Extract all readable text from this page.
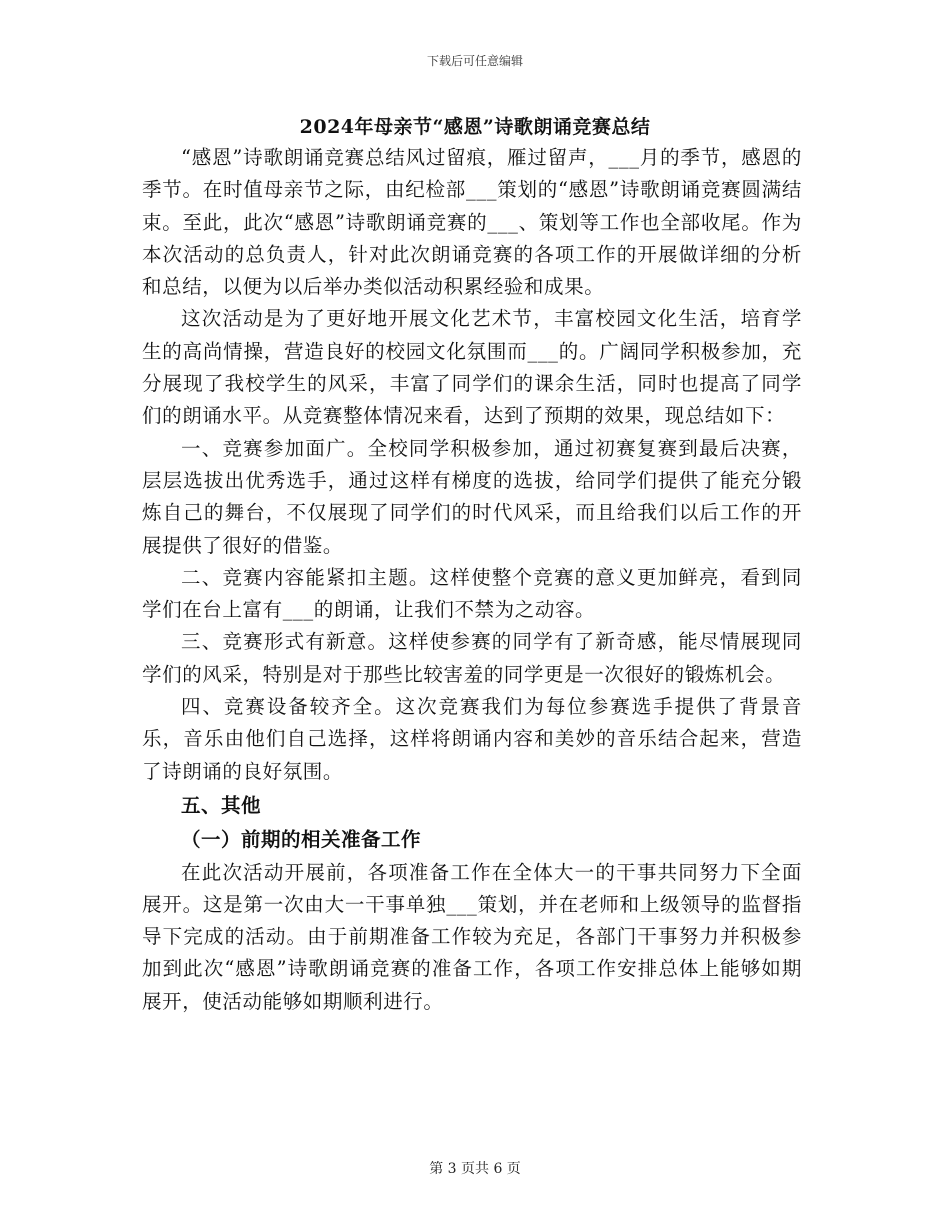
下载后可任意编辑
2024年母亲节“感恩”诗歌朗诵竞赛总结

“感恩”诗歌朗诵竞赛总结风过留痕，雁过留声，___月的季节，感恩的季节。在时值母亲节之际，由纪检部___策划的“感恩”诗歌朗诵竞赛圆满结束。至此，此次“感恩”诗歌朗诵竞赛的___、策划等工作也全部收尾。作为本次活动的总负责人，针对此次朗诵竞赛的各项工作的开展做详细的分析和总结，以便为以后举办类似活动积累经验和成果。

这次活动是为了更好地开展文化艺术节，丰富校园文化生活，培育学生的高尚情操，营造良好的校园文化氛围而___的。广阔同学积极参加，充分展现了我校学生的风采，丰富了同学们的课余生活，同时也提高了同学们的朗诵水平。从竞赛整体情况来看，达到了预期的效果，现总结如下：

一、竞赛参加面广。全校同学积极参加，通过初赛复赛到最后决赛，层层选拔出优秀选手，通过这样有梯度的选拔，给同学们提供了能充分锻炼自己的舞台，不仅展现了同学们的时代风采，而且给我们以后工作的开展提供了很好的借鉴。

二、竞赛内容能紧扣主题。这样使整个竞赛的意义更加鲜亮，看到同学们在台上富有___的朗诵，让我们不禁为之动容。

三、竞赛形式有新意。这样使参赛的同学有了新奇感，能尽情展现同学们的风采，特别是对于那些比较害羞的同学更是一次很好的锻炼机会。

四、竞赛设备较齐全。这次竞赛我们为每位参赛选手提供了背景音乐，音乐由他们自己选择，这样将朗诵内容和美妙的音乐结合起来，营造了诗朗诵的良好氛围。

五、其他

（一）前期的相关准备工作

在此次活动开展前，各项准备工作在全体大一的干事共同努力下全面展开。这是第一次由大一干事单独___策划，并在老师和上级领导的监督指导下完成的活动。由于前期准备工作较为充足，各部门干事努力并积极参加到此次“感恩”诗歌朗诵竞赛的准备工作，各项工作安排总体上能够如期展开，使活动能够如期顺利进行。

第 3 页共 6 页
